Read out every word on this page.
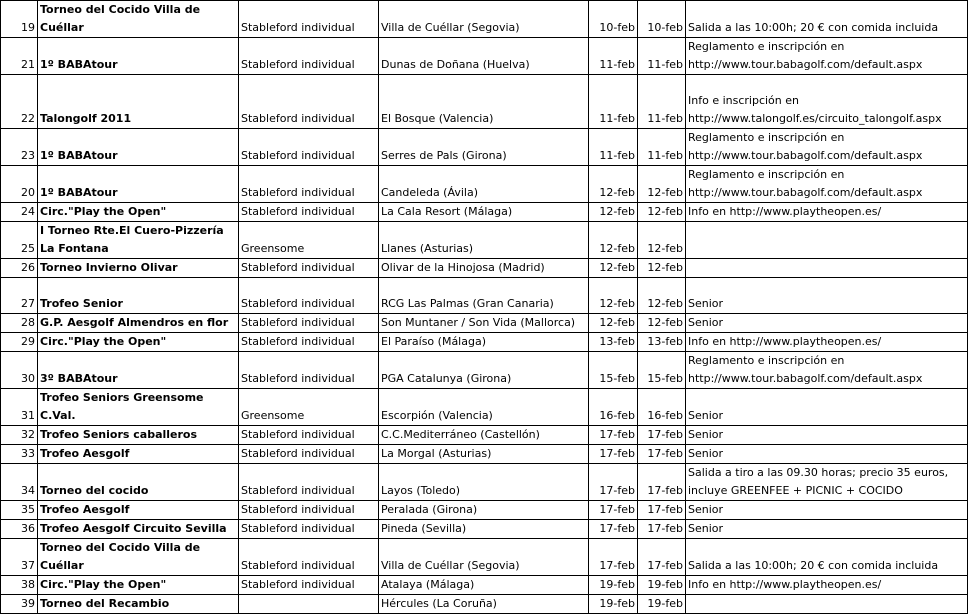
19	Torneo del Cocido Villa de Cuéllar	Stableford individual	Villa de Cuéllar (Segovia)	10-feb	10-feb	Salida a las 10:00h; 20 € con comida incluida
21	1º BABAtour	Stableford individual	Dunas de Doñana (Huelva)	11-feb	11-feb	Reglamento e inscripción en http://www.tour.babagolf.com/default.aspx
22	Talongolf 2011	Stableford individual	El Bosque (Valencia)	11-feb	11-feb	Info e inscripción en http://www.talongolf.es/circuito_talongolf.aspx
23	1º BABAtour	Stableford individual	Serres de Pals (Girona)	11-feb	11-feb	Reglamento e inscripción en http://www.tour.babagolf.com/default.aspx
20	1º BABAtour	Stableford individual	Candeleda (Ávila)	12-feb	12-feb	Reglamento e inscripción en http://www.tour.babagolf.com/default.aspx
24	Circ."Play the Open"	Stableford individual	La Cala Resort (Málaga)	12-feb	12-feb	Info en http://www.playtheopen.es/
25	I Torneo Rte.El Cuero-Pizzería La Fontana	Greensome	Llanes (Asturias)	12-feb	12-feb	
26	Torneo Invierno Olivar	Stableford individual	Olivar de la Hinojosa (Madrid)	12-feb	12-feb	
27	Trofeo Senior	Stableford individual	RCG Las Palmas (Gran Canaria)	12-feb	12-feb	Senior
28	G.P. Aesgolf Almendros en flor	Stableford individual	Son Muntaner / Son Vida (Mallorca)	12-feb	12-feb	Senior
29	Circ."Play the Open"	Stableford individual	El Paraíso (Málaga)	13-feb	13-feb	Info en http://www.playtheopen.es/
30	3º BABAtour	Stableford individual	PGA Catalunya (Girona)	15-feb	15-feb	Reglamento e inscripción en http://www.tour.babagolf.com/default.aspx
31	Trofeo Seniors Greensome C.Val.	Greensome	Escorpión (Valencia)	16-feb	16-feb	Senior
32	Trofeo Seniors caballeros	Stableford individual	C.C.Mediterráneo (Castellón)	17-feb	17-feb	Senior
33	Trofeo Aesgolf	Stableford individual	La Morgal (Asturias)	17-feb	17-feb	Senior
34	Torneo del cocido	Stableford individual	Layos (Toledo)	17-feb	17-feb	Salida a tiro a las 09.30 horas; precio 35 euros, incluye GREENFEE + PICNIC + COCIDO
35	Trofeo Aesgolf	Stableford individual	Peralada (Girona)	17-feb	17-feb	Senior
36	Trofeo Aesgolf Circuito Sevilla	Stableford individual	Pineda (Sevilla)	17-feb	17-feb	Senior
37	Torneo del Cocido Villa de Cuéllar	Stableford individual	Villa de Cuéllar (Segovia)	17-feb	17-feb	Salida a las 10:00h; 20 € con comida incluida
38	Circ."Play the Open"	Stableford individual	Atalaya (Málaga)	19-feb	19-feb	Info en http://www.playtheopen.es/
39	Torneo del Recambio		Hércules (La Coruña)	19-feb	19-feb	
